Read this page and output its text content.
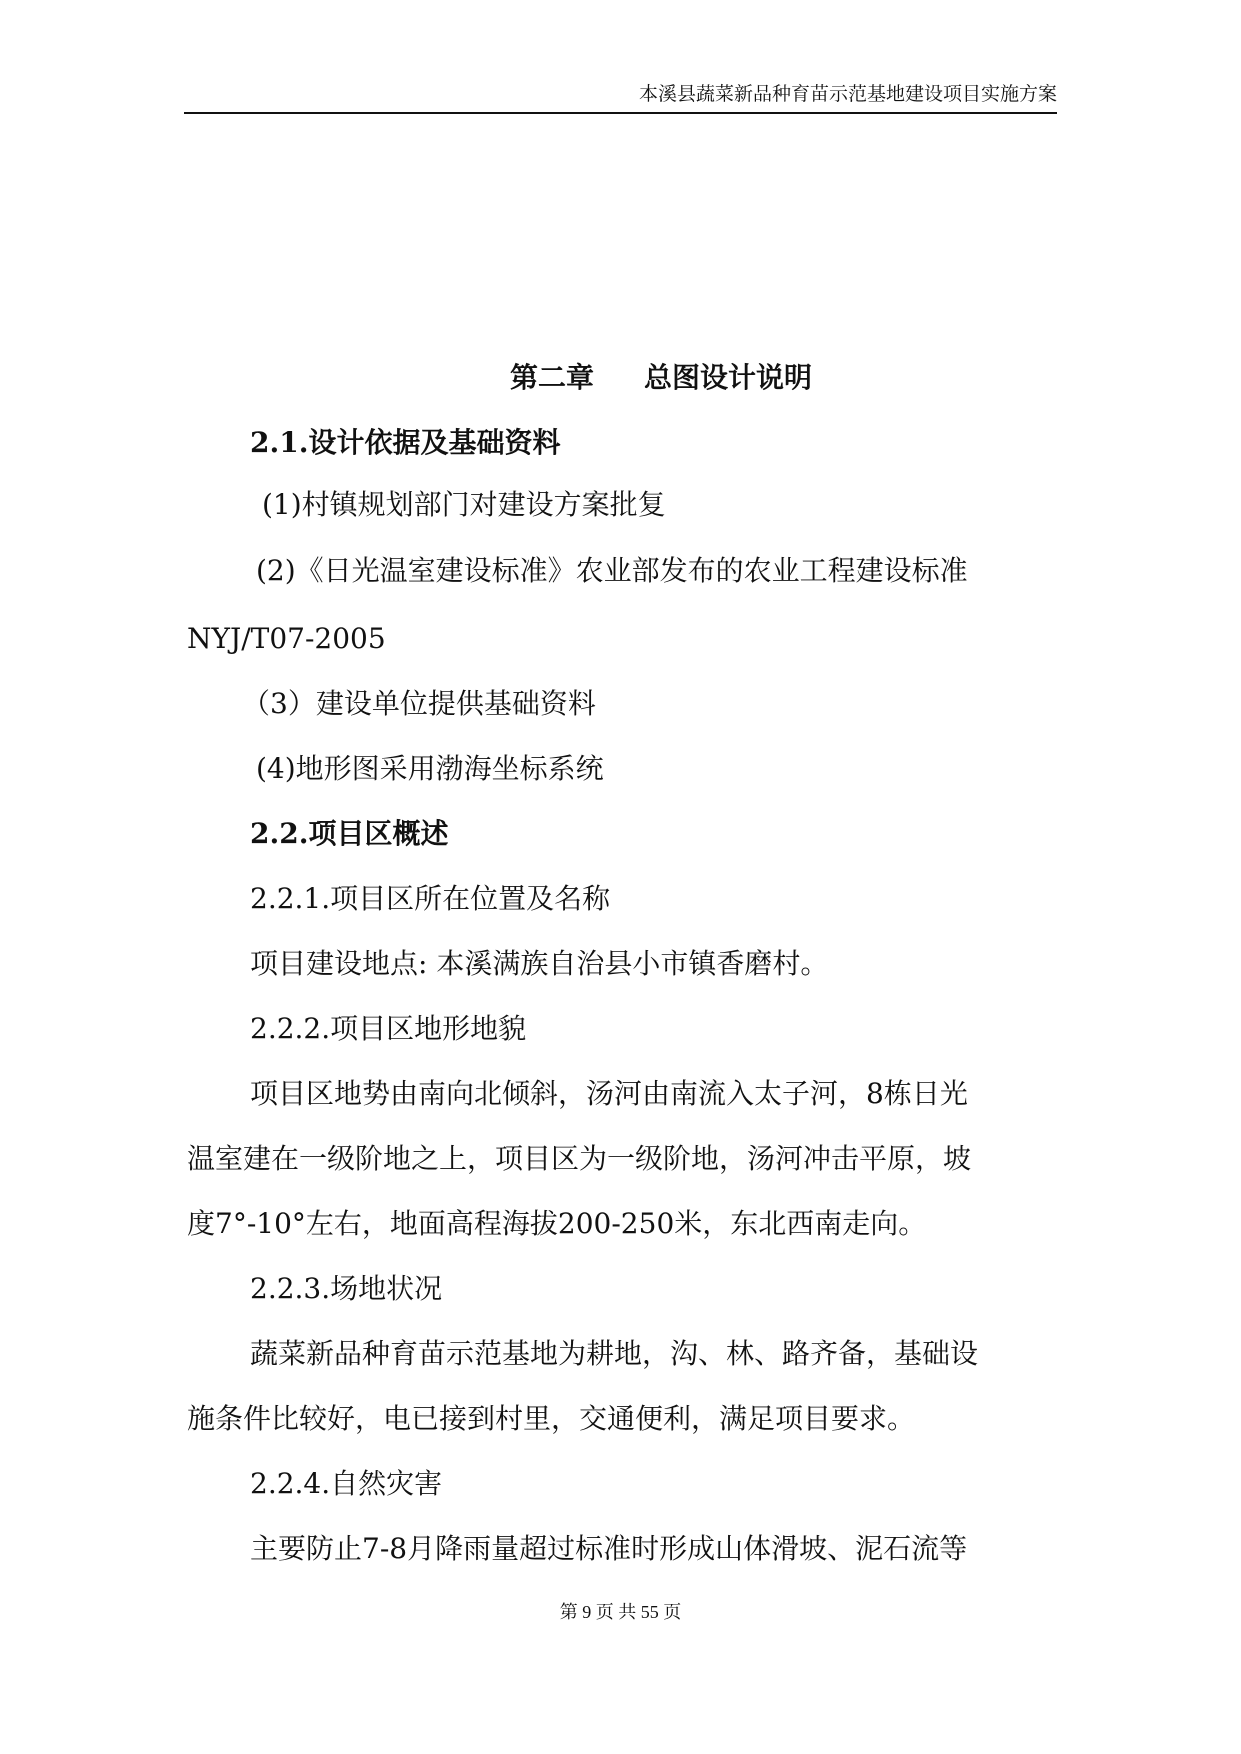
本溪县蔬菜新品种育苗示范基地建设项目实施方案
第二章 总图设计说明
2.1.设计依据及基础资料
(1)村镇规划部门对建设方案批复
(2)《日光温室建设标准》农业部发布的农业工程建设标准
NYJ/T07-2005
（3）建设单位提供基础资料
(4)地形图采用渤海坐标系统
2.2.项目区概述
2.2.1.项目区所在位置及名称
项目建设地点: 本溪满族自治县小市镇香磨村。
2.2.2.项目区地形地貌
项目区地势由南向北倾斜，汤河由南流入太子河，8栋日光
温室建在一级阶地之上，项目区为一级阶地，汤河冲击平原，坡
度7°-10°左右，地面高程海拔200-250米，东北西南走向。
2.2.3.场地状况
蔬菜新品种育苗示范基地为耕地，沟、林、路齐备，基础设
施条件比较好，电已接到村里，交通便利，满足项目要求。
2.2.4.自然灾害
主要防止7-8月降雨量超过标准时形成山体滑坡、泥石流等
第 9 页 共 55 页
